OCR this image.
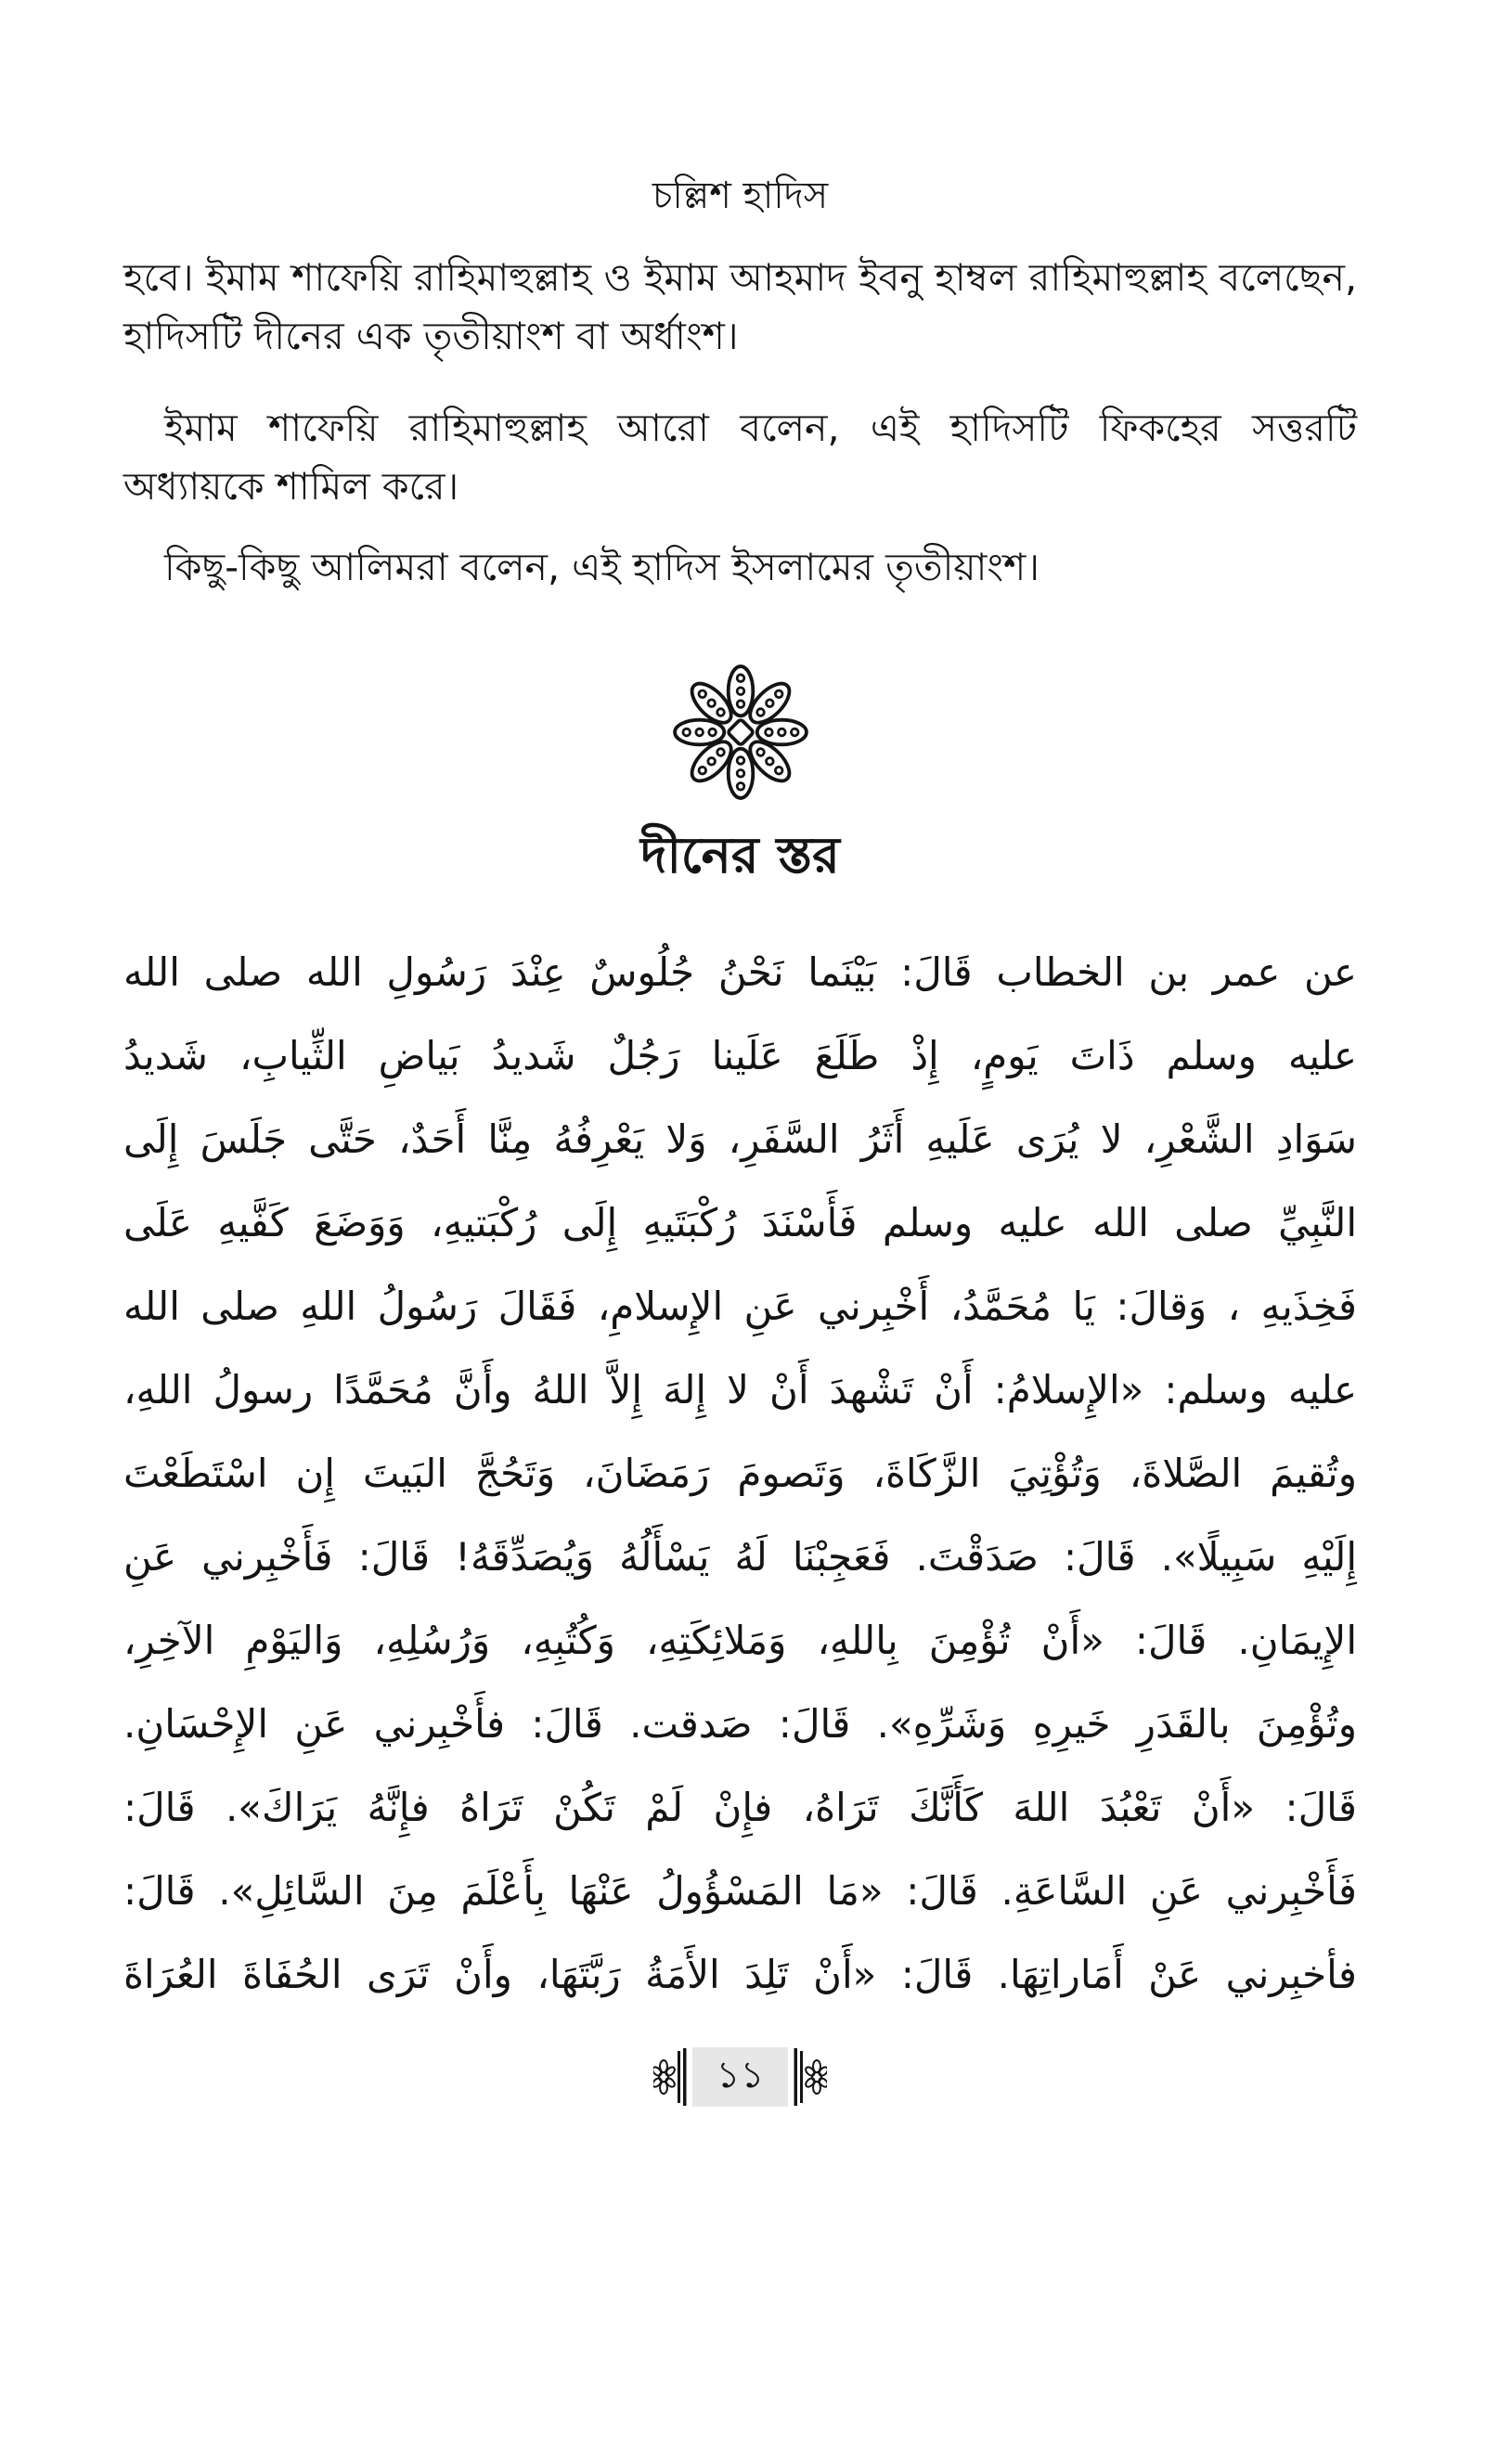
চল্লিশ হাদিস

হবে। ইমাম শাফেয়ি রাহিমাহুল্লাহ ও ইমাম আহমাদ ইবনু হাম্বল রাহিমাহুল্লাহ বলেছেন, হাদিসটি দীনের এক তৃতীয়াংশ বা অর্ধাংশ।

ইমাম শাফেয়ি রাহিমাহুল্লাহ আরো বলেন, এই হাদিসটি ফিকহের সত্তরটি অধ্যায়কে শামিল করে।

কিছু-কিছু আলিমরা বলেন, এই হাদিস ইসলামের তৃতীয়াংশ।

দীনের স্তর
عن عمر بن الخطاب قَالَ: بَيْنَما نَحْنُ جُلُوسٌ عِنْدَ رَسُولِ الله صلى الله
عليه وسلم ذَاتَ يَومٍ، إِذْ طَلَعَ عَلَينا رَجُلٌ شَديدُ بَياضِ الثِّيابِ، شَديدُ
سَوَادِ الشَّعْرِ، لا يُرَى عَلَيهِ أَثَرُ السَّفَرِ، وَلا يَعْرِفُهُ مِنَّا أَحَدٌ، حَتَّى جَلَسَ إِلَى
النَّبِيِّ صلى الله عليه وسلم فَأَسْنَدَ رُكْبَتَيهِ إِلَى رُكْبَتيهِ، وَوَضَعَ كَفَّيهِ عَلَى
فَخِذَيهِ ، وَقالَ: يَا مُحَمَّدُ، أَخْبِرني عَنِ الإِسلامِ، فَقَالَ رَسُولُ اللهِ صلى الله
عليه وسلم: «الإِسلامُ: أَنْ تَشْهدَ أَنْ لا إِلهَ إِلاَّ اللهُ وأَنَّ مُحَمَّدًا رسولُ اللهِ،
وتُقيمَ الصَّلاةَ، وَتُؤْتِيَ الزَّكَاةَ، وَتَصومَ رَمَضَانَ، وَتَحُجَّ البَيتَ إِن اسْتَطَعْتَ
إِلَيْهِ سَبِيلًا». قَالَ: صَدَقْتَ. فَعَجِبْنَا لَهُ يَسْأَلُهُ وَيُصَدِّقَهُ! قَالَ: فَأَخْبِرني عَنِ
الإِيمَانِ. قَالَ: «أَنْ تُؤْمِنَ بِاللهِ، وَمَلائِكَتِهِ، وَكُتُبِهِ، وَرُسُلِهِ، وَاليَوْمِ الآخِرِ،
وتُؤْمِنَ بالقَدَرِ خَيرِهِ وَشَرِّهِ». قَالَ: صَدقت. قَالَ: فأَخْبِرني عَنِ الإِحْسَانِ.
قَالَ: «أَنْ تَعْبُدَ اللهَ كَأَنَّكَ تَرَاهُ، فإِنْ لَمْ تَكُنْ تَرَاهُ فإِنَّهُ يَرَاكَ». قَالَ:
فَأَخْبِرني عَنِ السَّاعَةِ. قَالَ: «مَا المَسْؤُولُ عَنْهَا بِأَعْلَمَ مِنَ السَّائِلِ». قَالَ:
فأخبِرني عَنْ أَمَاراتِهَا. قَالَ: «أَنْ تَلِدَ الأَمَةُ رَبَّتَهَا، وأَنْ تَرَى الحُفَاةَ العُرَاةَ
১১
